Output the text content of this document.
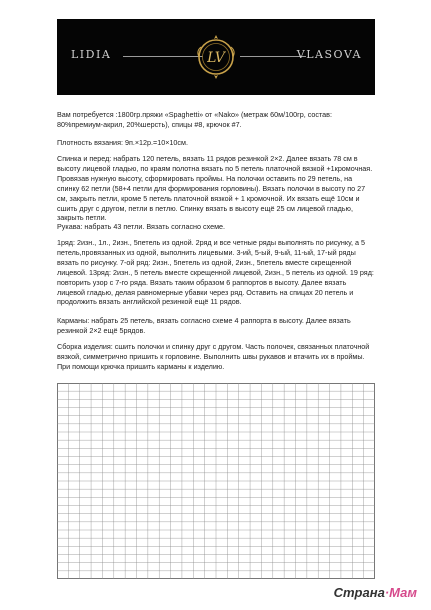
LIDIA	LV	VLASOVA

Вам потребуется :1800гр.пряжи «Spaghetti» от «Nako» (метраж 60м/100гр, состав: 80%премиум-акрил, 20%шерсть), спицы #8, крючок #7.

Плотность вязания: 9п.×12р.=10×10см.

Спинка и перед: набрать 120 петель, вязать 11 рядов резинкой 2×2. Далее вязать 78 см в высоту лицевой гладью, по краям полотна вязать по 5 петель платочной вязкой +1кромочная. Провязав нужную высоту, сформировать проймы. На полочки оставить по 29 петель, на спинку 62 петли (58+4 петли для формирования горловины). Вязать полочки в высоту по 27 см, закрыть петли, кроме 5 петель платочной вязкой + 1 кромочной. Их вязать ещё 10см и сшить друг с другом, петли в петлю. Спинку вязать в высоту ещё 25 см лицевой гладью, закрыть петли.

Рукава: набрать 43 петли. Вязать согласно схеме.

1ряд: 2изн., 1л., 2изн., 5петель из одной. 2ряд и все четные ряды выполнять по рисунку, а 5 петель,провязанных из одной, выполнить лицевыми. 3-ий, 5-ый, 9-ый, 11-ый, 17-ый ряды вязать по рисунку. 7-ой ряд: 2изн., 5петель из одной, 2изн., 5петель вместе скрещенной лицевой. 13ряд: 2изн., 5 петель вместе скрещенной лицевой, 2изн., 5 петель из одной. 19 ряд: повторить узор с 7-го ряда. Вязать таким образом 6 раппортов в высоту. Далее вязать лицевой гладью, делая равномерные убавки через ряд. Оставить на спицах 20 петель и продолжить вязать английской резинкой ещё 11 рядов.

Карманы: набрать 25 петель, вязать согласно схеме 4 раппорта в высоту. Далее вязать резинкой 2×2 ещё 5рядов.

Сборка изделия: сшить полочки и спинку друг с другом. Часть полочек, связанных платочной вязкой, симметрично пришить к горловине. Выполнить швы рукавов и втачить их в проймы. При помощи крючка пришить карманы к изделию.

Страна·Мам
